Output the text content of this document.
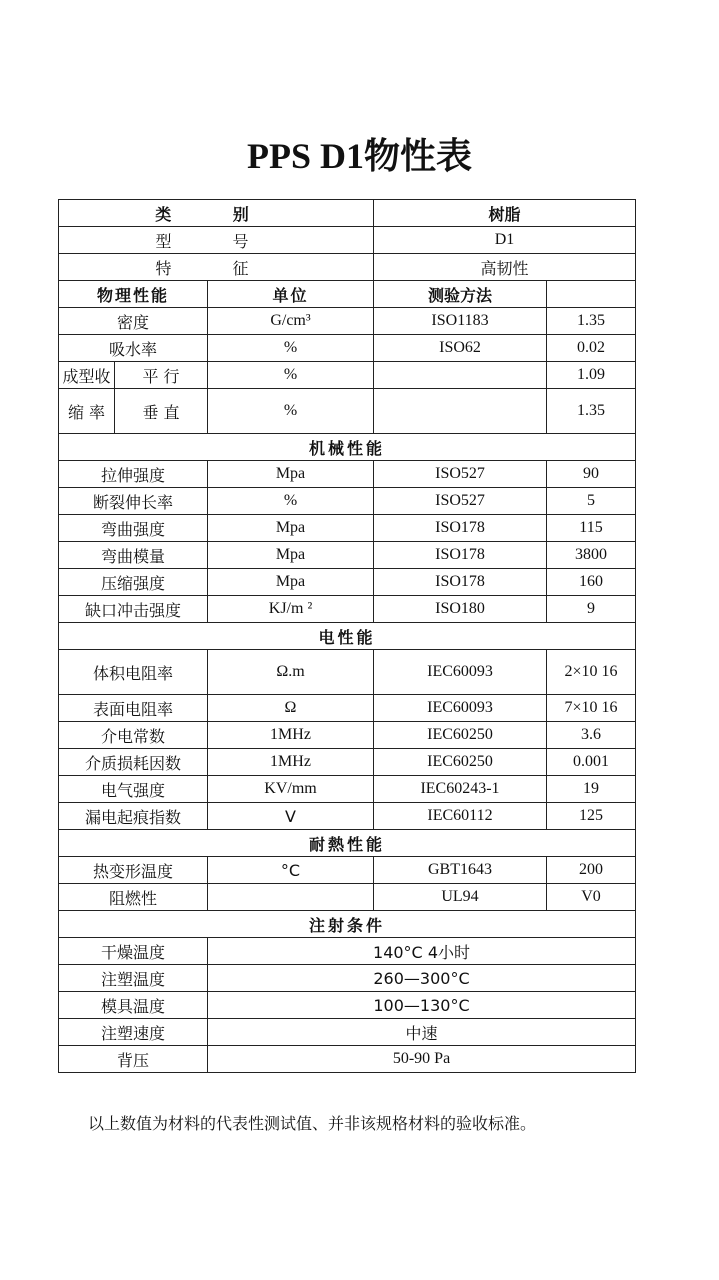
PPS D1物性表
类 别			树脂	
型 号			D1	
特 征			高韧性	
物理性能		单位	测验方法	
密度		G/cm³	ISO1183	1.35
吸水率		%	ISO62	0.02
成型收	平 行	%		1.09
缩 率	垂 直	%		1.35
机械性能				
拉伸强度		Mpa	ISO527	90
断裂伸长率		%	ISO527	5
弯曲强度		Mpa	ISO178	115
弯曲模量		Mpa	ISO178	3800
压缩强度		Mpa	ISO178	160
缺口冲击强度		KJ/m ²	ISO180	9
电性能				
体积电阻率		Ω.m	IEC60093	2×10 16
表面电阻率		Ω	IEC60093	7×10 16
介电常数		1MHz	IEC60250	3.6
介质损耗因数		1MHz	IEC60250	0.001
电气强度		KV/mm	IEC60243-1	19
漏电起痕指数		V	IEC60112	125
耐熱性能				
热变形温度		°C	GBT1643	200
阻燃性			UL94	V0
注射条件				
干燥温度		140°C 4小时		
注塑温度		260—300°C		
模具温度		100—130°C		
注塑速度		中速		
背压		50-90 Pa		
以上数值为材料的代表性测试值、并非该规格材料的验收标准。
